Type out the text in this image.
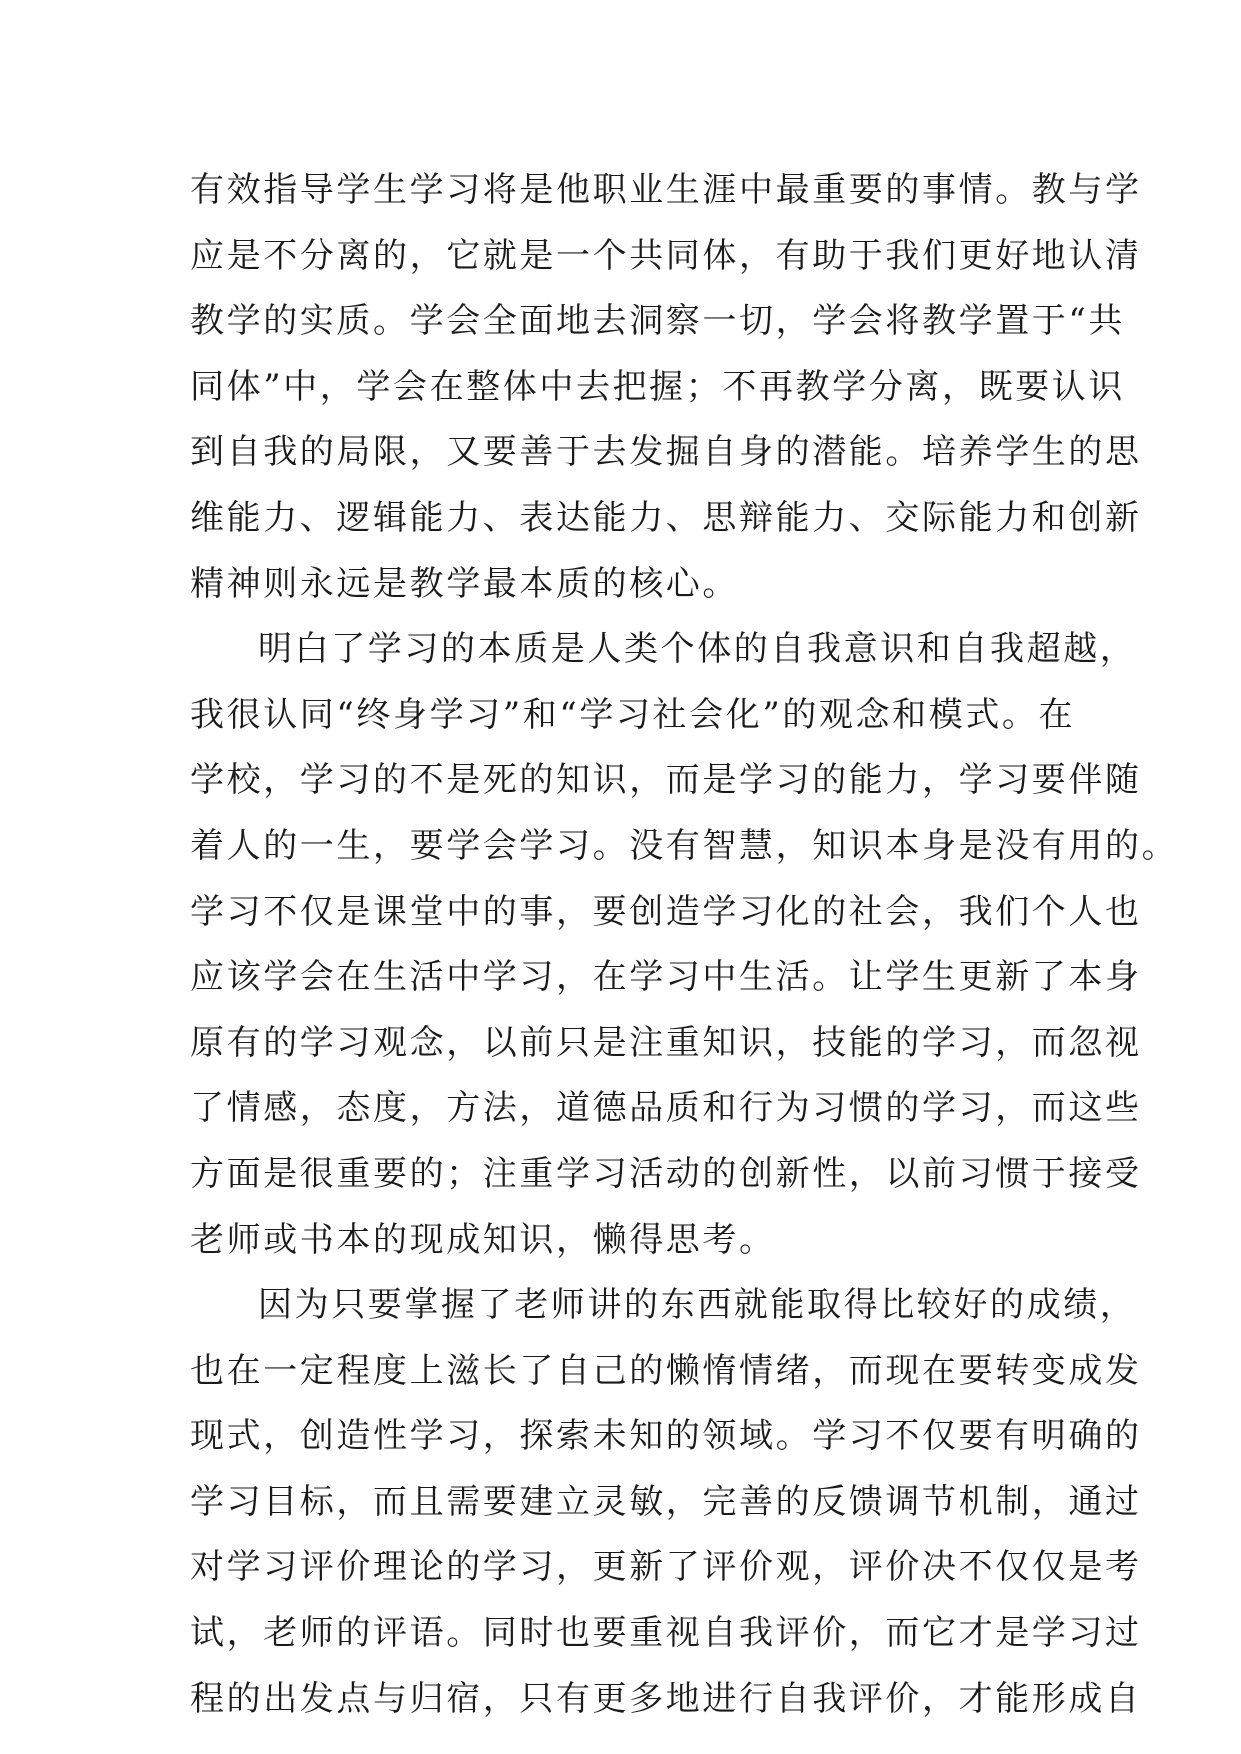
有效指导学生学习将是他职业生涯中最重要的事情。教与学
应是不分离的，它就是一个共同体，有助于我们更好地认清
教学的实质。学会全面地去洞察一切，学会将教学置于“共
同体”中，学会在整体中去把握；不再教学分离，既要认识
到自我的局限，又要善于去发掘自身的潜能。培养学生的思
维能力、逻辑能力、表达能力、思辩能力、交际能力和创新
精神则永远是教学最本质的核心。
明白了学习的本质是人类个体的自我意识和自我超越，
我很认同“终身学习”和“学习社会化”的观念和模式。在
学校，学习的不是死的知识，而是学习的能力，学习要伴随
着人的一生，要学会学习。没有智慧，知识本身是没有用的。
学习不仅是课堂中的事，要创造学习化的社会，我们个人也
应该学会在生活中学习，在学习中生活。让学生更新了本身
原有的学习观念，以前只是注重知识，技能的学习，而忽视
了情感，态度，方法，道德品质和行为习惯的学习，而这些
方面是很重要的；注重学习活动的创新性，以前习惯于接受
老师或书本的现成知识，懒得思考。
因为只要掌握了老师讲的东西就能取得比较好的成绩，
也在一定程度上滋长了自己的懒惰情绪，而现在要转变成发
现式，创造性学习，探索未知的领域。学习不仅要有明确的
学习目标，而且需要建立灵敏，完善的反馈调节机制，通过
对学习评价理论的学习，更新了评价观，评价决不仅仅是考
试，老师的评语。同时也要重视自我评价，而它才是学习过
程的出发点与归宿，只有更多地进行自我评价，才能形成自
